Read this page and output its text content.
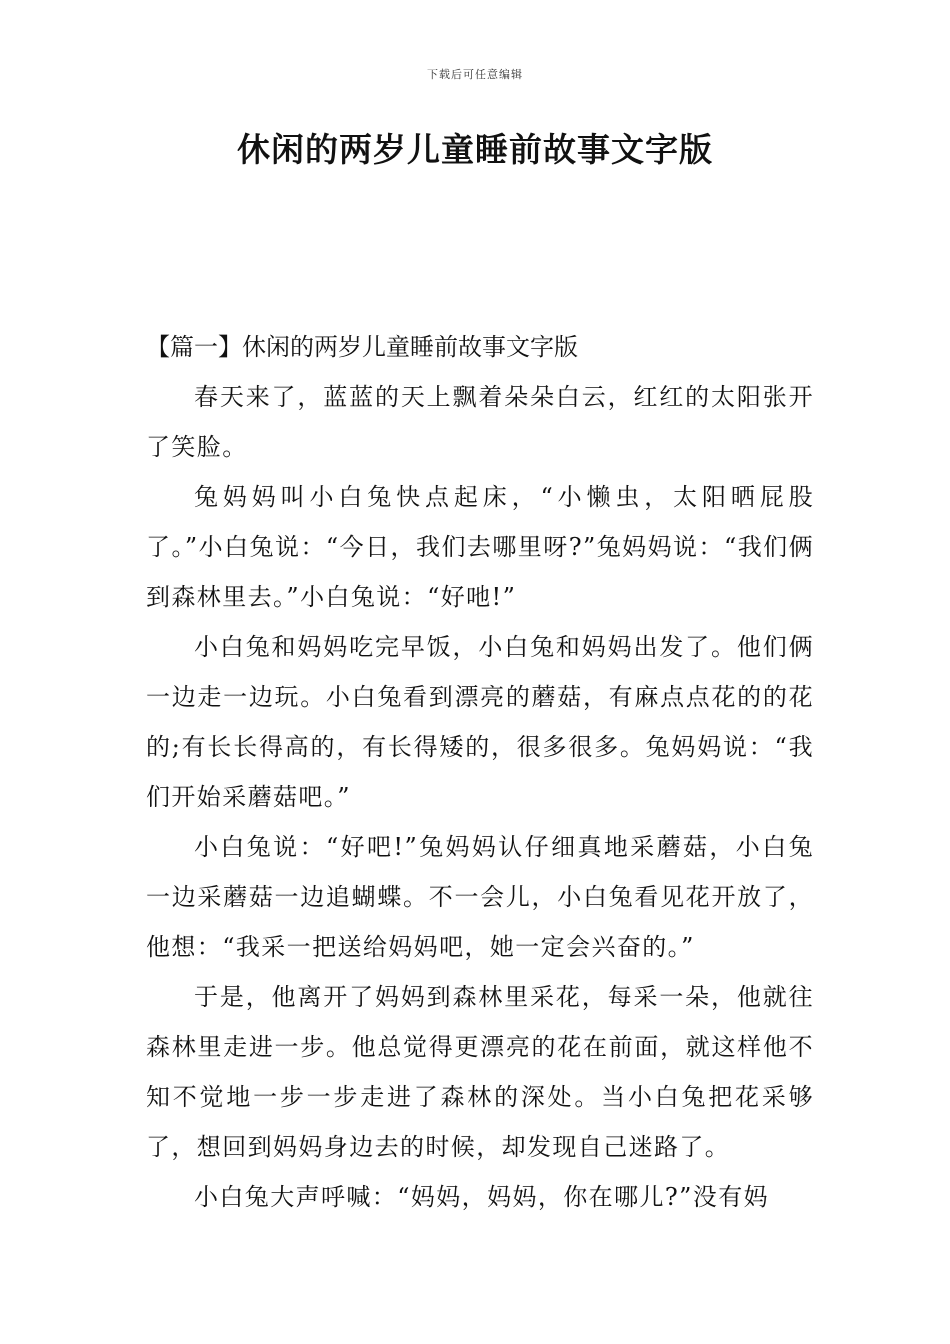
下载后可任意编辑
休闲的两岁儿童睡前故事文字版

【篇一】休闲的两岁儿童睡前故事文字版

春天来了，蓝蓝的天上飘着朵朵白云，红红的太阳张开了笑脸。

兔妈妈叫小白兔快点起床，“小懒虫，太阳晒屁股了。”小白兔说：“今日，我们去哪里呀?”兔妈妈说：“我们俩到森林里去。”小白兔说：“好吔!”

小白兔和妈妈吃完早饭，小白兔和妈妈出发了。他们俩一边走一边玩。小白兔看到漂亮的蘑菇，有麻点点花的的花的;有长长得高的，有长得矮的，很多很多。兔妈妈说：“我们开始采蘑菇吧。”

小白兔说：“好吧!”兔妈妈认仔细真地采蘑菇，小白兔一边采蘑菇一边追蝴蝶。不一会儿，小白兔看见花开放了，他想：“我采一把送给妈妈吧，她一定会兴奋的。”

于是，他离开了妈妈到森林里采花，每采一朵，他就往森林里走进一步。他总觉得更漂亮的花在前面，就这样他不知不觉地一步一步走进了森林的深处。当小白兔把花采够了，想回到妈妈身边去的时候，却发现自己迷路了。

小白兔大声呼喊：“妈妈，妈妈，你在哪儿?”没有妈
